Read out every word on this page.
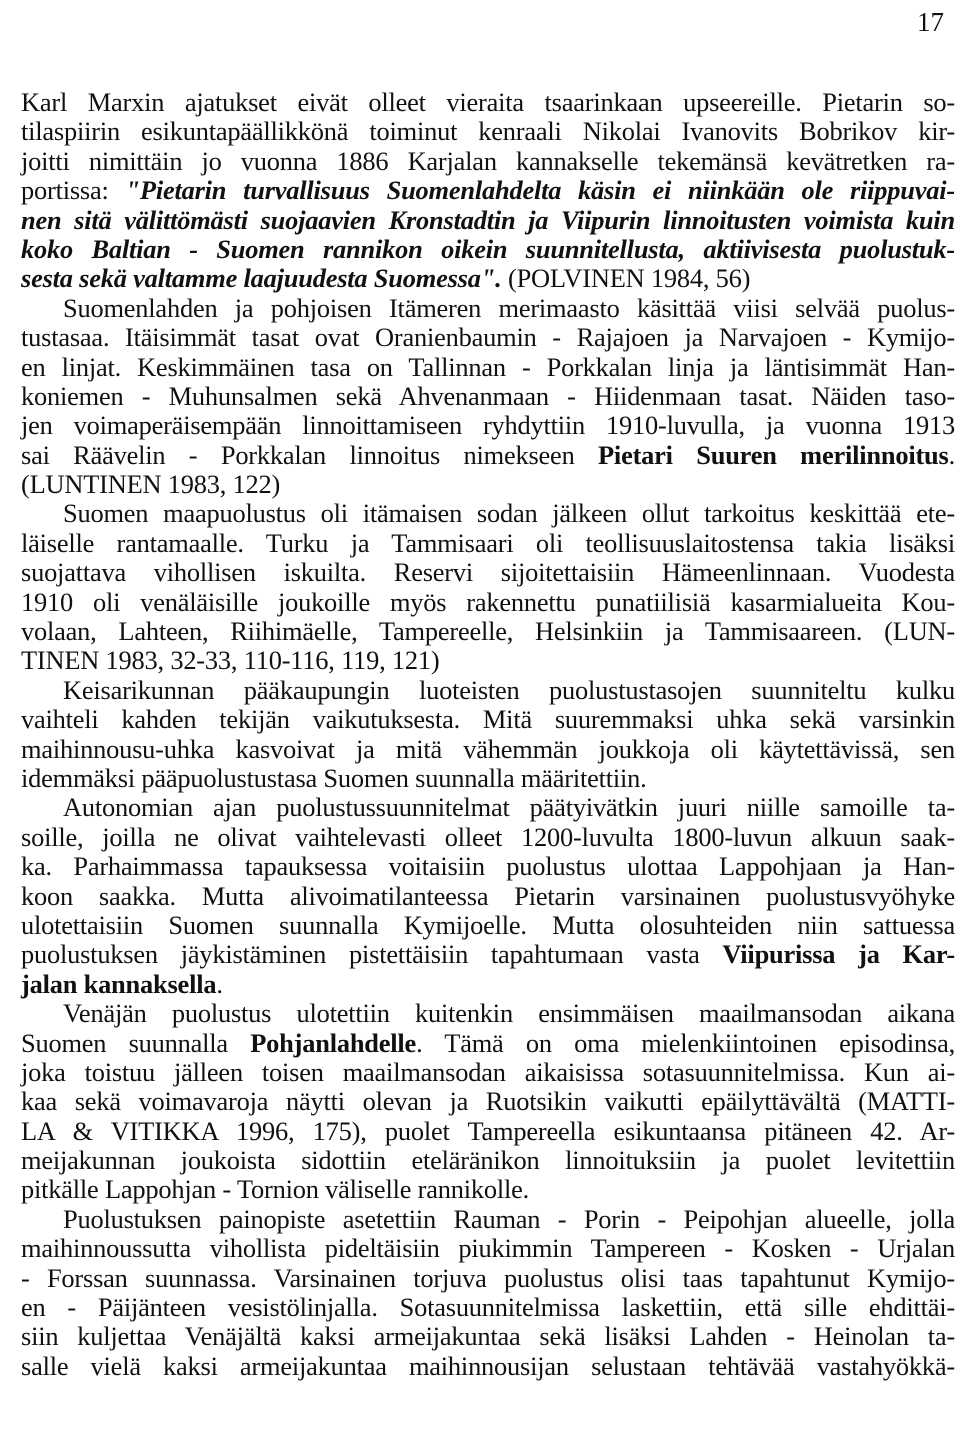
17
Karl Marxin ajatukset eivät olleet vieraita tsaarinkaan upseereille. Pietarin so-
tilaspiirin esikuntapäällikkönä toiminut kenraali Nikolai Ivanovits Bobrikov kir-
joitti nimittäin jo vuonna 1886 Karjalan kannakselle tekemänsä kevätretken ra-
portissa: "Pietarin turvallisuus Suomenlahdelta käsin ei niinkään ole riippuvai-
nen sitä välittömästi suojaavien Kronstadtin ja Viipurin linnoitusten voimista kuin
koko Baltian - Suomen rannikon oikein suunnitellusta, aktiivisesta puolustuk-
sesta sekä valtamme laajuudesta Suomessa". (POLVINEN 1984, 56)
Suomenlahden ja pohjoisen Itämeren merimaasto käsittää viisi selvää puolus-
tustasaa. Itäisimmät tasat ovat Oranienbaumin - Rajajoen ja Narvajoen - Kymijo-
en linjat. Keskimmäinen tasa on Tallinnan - Porkkalan linja ja läntisimmät Han-
koniemen - Muhunsalmen sekä Ahvenanmaan - Hiidenmaan tasat. Näiden taso-
jen voimaperäisempään linnoittamiseen ryhdyttiin 1910-luvulla, ja vuonna 1913
sai Räävelin - Porkkalan linnoitus nimekseen Pietari Suuren merilinnoitus.
(LUNTINEN 1983, 122)
Suomen maapuolustus oli itämaisen sodan jälkeen ollut tarkoitus keskittää ete-
läiselle rantamaalle. Turku ja Tammisaari oli teollisuuslaitostensa takia lisäksi
suojattava vihollisen iskuilta. Reservi sijoitettaisiin Hämeenlinnaan. Vuodesta
1910 oli venäläisille joukoille myös rakennettu punatiilisiä kasarmialueita Kou-
volaan, Lahteen, Riihimäelle, Tampereelle, Helsinkiin ja Tammisaareen. (LUN-
TINEN 1983, 32-33, 110-116, 119, 121)
Keisarikunnan pääkaupungin luoteisten puolustustasojen suunniteltu kulku
vaihteli kahden tekijän vaikutuksesta. Mitä suuremmaksi uhka sekä varsinkin
maihinnousu-uhka kasvoivat ja mitä vähemmän joukkoja oli käytettävissä, sen
idemmäksi pääpuolustustasa Suomen suunnalla määritettiin.
Autonomian ajan puolustussuunnitelmat päätyivätkin juuri niille samoille ta-
soille, joilla ne olivat vaihtelevasti olleet 1200-luvulta 1800-luvun alkuun saak-
ka. Parhaimmassa tapauksessa voitaisiin puolustus ulottaa Lappohjaan ja Han-
koon saakka. Mutta alivoimatilanteessa Pietarin varsinainen puolustusvyöhyke
ulotettaisiin Suomen suunnalla Kymijoelle. Mutta olosuhteiden niin sattuessa
puolustuksen jäykistäminen pistettäisiin tapahtumaan vasta Viipurissa ja Kar-
jalan kannaksella.
Venäjän puolustus ulotettiin kuitenkin ensimmäisen maailmansodan aikana
Suomen suunnalla Pohjanlahdelle. Tämä on oma mielenkiintoinen episodinsa,
joka toistuu jälleen toisen maailmansodan aikaisissa sotasuunnitelmissa. Kun ai-
kaa sekä voimavaroja näytti olevan ja Ruotsikin vaikutti epäilyttävältä (MATTI-
LA & VITIKKA 1996, 175), puolet Tampereella esikuntaansa pitäneen 42. Ar-
meijakunnan joukoista sidottiin eteläränikon linnoituksiin ja puolet levitettiin
pitkälle Lappohjan - Tornion väliselle rannikolle.
Puolustuksen painopiste asetettiin Rauman - Porin - Peipohjan alueelle, jolla
maihinnoussutta vihollista pideltäisiin piukimmin Tampereen - Kosken - Urjalan
- Forssan suunnassa. Varsinainen torjuva puolustus olisi taas tapahtunut Kymijo-
en - Päijänteen vesistölinjalla. Sotasuunnitelmissa laskettiin, että sille ehdittäi-
siin kuljettaa Venäjältä kaksi armeijakuntaa sekä lisäksi Lahden - Heinolan ta-
salle vielä kaksi armeijakuntaa maihinnousijan selustaan tehtävää vastahyökkä-
